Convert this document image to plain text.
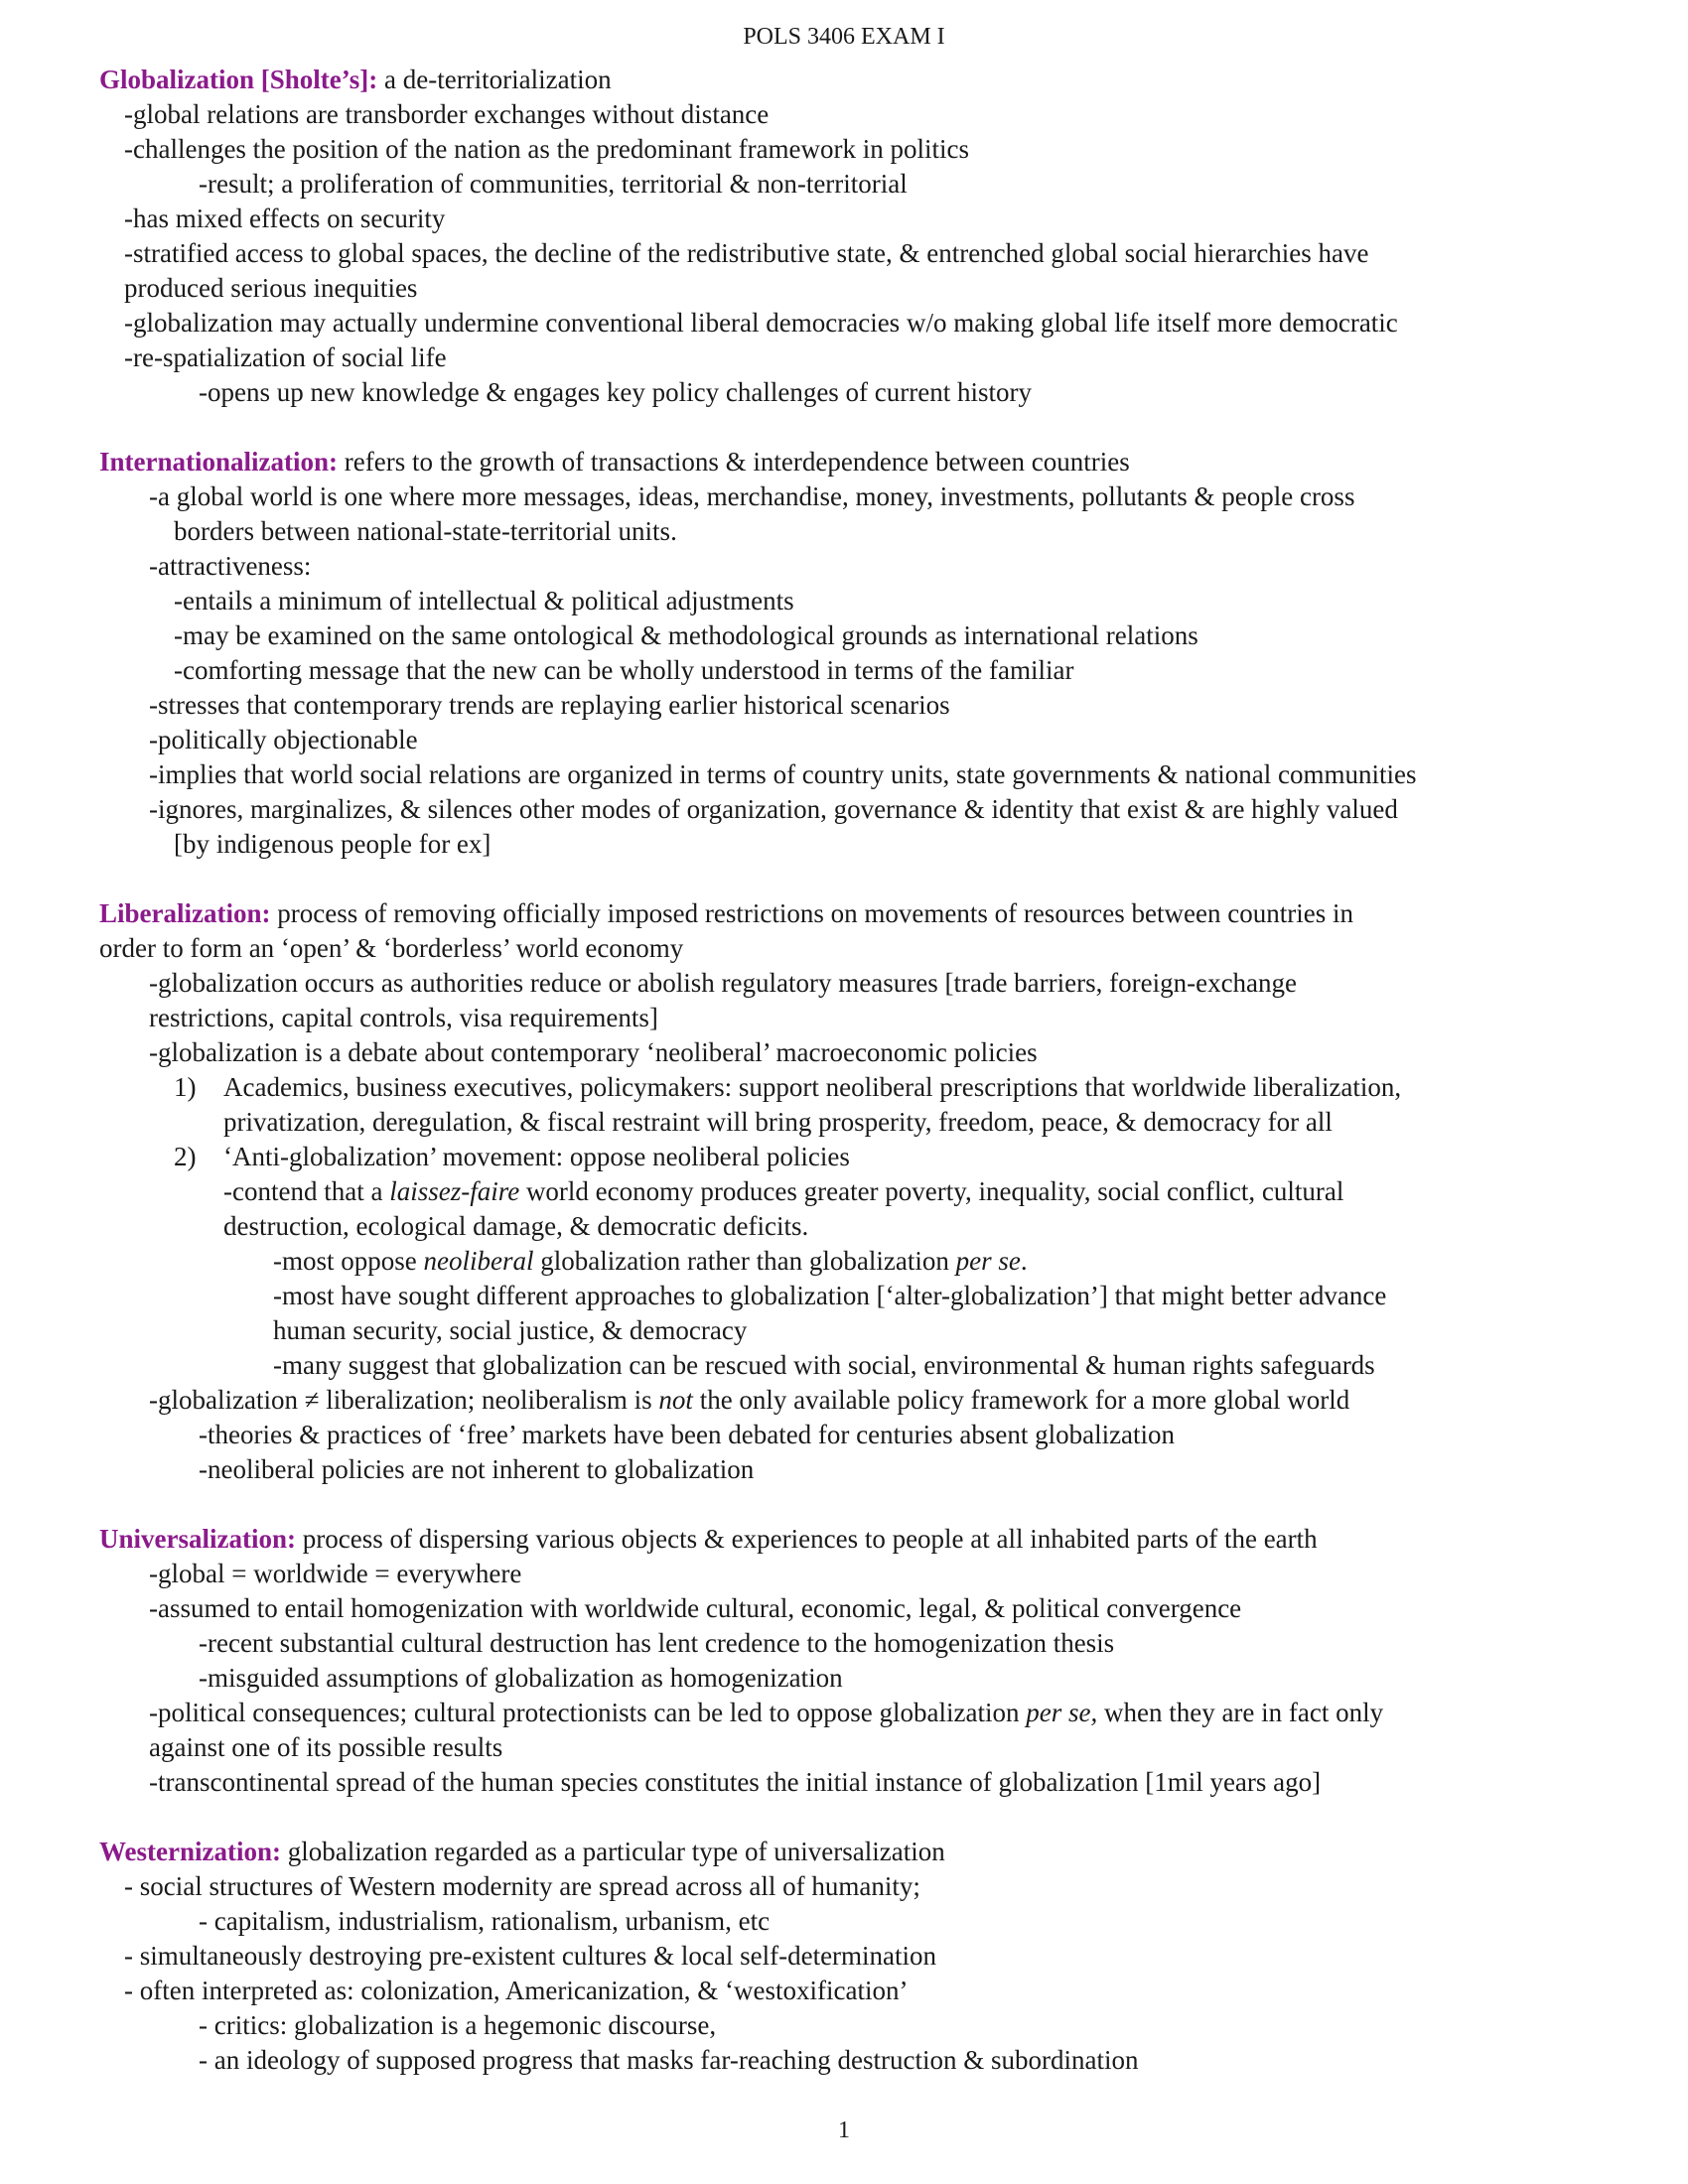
POLS 3406 EXAM I
Globalization [Sholte’s]: a de-territorialization
-global relations are transborder exchanges without distance
-challenges the position of the nation as the predominant framework in politics
-result; a proliferation of communities, territorial & non-territorial
-has mixed effects on security
-stratified access to global spaces, the decline of the redistributive state, & entrenched global social hierarchies have
produced serious inequities
-globalization may actually undermine conventional liberal democracies w/o making global life itself more democratic
-re-spatialization of social life
-opens up new knowledge & engages key policy challenges of current history
Internationalization: refers to the growth of transactions & interdependence between countries
-a global world is one where more messages, ideas, merchandise, money, investments, pollutants & people cross
borders between national-state-territorial units.
-attractiveness:
-entails a minimum of intellectual & political adjustments
-may be examined on the same ontological & methodological grounds as international relations
-comforting message that the new can be wholly understood in terms of the familiar
-stresses that contemporary trends are replaying earlier historical scenarios
-politically objectionable
-implies that world social relations are organized in terms of country units, state governments & national communities
-ignores, marginalizes, & silences other modes of organization, governance & identity that exist & are highly valued
[by indigenous people for ex]
Liberalization: process of removing officially imposed restrictions on movements of resources between countries in
order to form an ‘open’ & ‘borderless’ world economy
-globalization occurs as authorities reduce or abolish regulatory measures [trade barriers, foreign-exchange
restrictions, capital controls, visa requirements]
-globalization is a debate about contemporary ‘neoliberal’ macroeconomic policies
1) Academics, business executives, policymakers: support neoliberal prescriptions that worldwide liberalization,
privatization, deregulation, & fiscal restraint will bring prosperity, freedom, peace, & democracy for all
2) ‘Anti-globalization’ movement: oppose neoliberal policies
-contend that a laissez-faire world economy produces greater poverty, inequality, social conflict, cultural
destruction, ecological damage, & democratic deficits.
-most oppose neoliberal globalization rather than globalization per se.
-most have sought different approaches to globalization [‘alter-globalization’] that might better advance
human security, social justice, & democracy
-many suggest that globalization can be rescued with social, environmental & human rights safeguards
-globalization ≠ liberalization; neoliberalism is not the only available policy framework for a more global world
-theories & practices of ‘free’ markets have been debated for centuries absent globalization
-neoliberal policies are not inherent to globalization
Universalization: process of dispersing various objects & experiences to people at all inhabited parts of the earth
-global = worldwide = everywhere
-assumed to entail homogenization with worldwide cultural, economic, legal, & political convergence
-recent substantial cultural destruction has lent credence to the homogenization thesis
-misguided assumptions of globalization as homogenization
-political consequences; cultural protectionists can be led to oppose globalization per se, when they are in fact only
against one of its possible results
-transcontinental spread of the human species constitutes the initial instance of globalization [1mil years ago]
Westernization: globalization regarded as a particular type of universalization
- social structures of Western modernity are spread across all of humanity;
- capitalism, industrialism, rationalism, urbanism, etc
- simultaneously destroying pre-existent cultures & local self-determination
- often interpreted as: colonization, Americanization, & ‘westoxification’
- critics: globalization is a hegemonic discourse,
- an ideology of supposed progress that masks far-reaching destruction & subordination
1
